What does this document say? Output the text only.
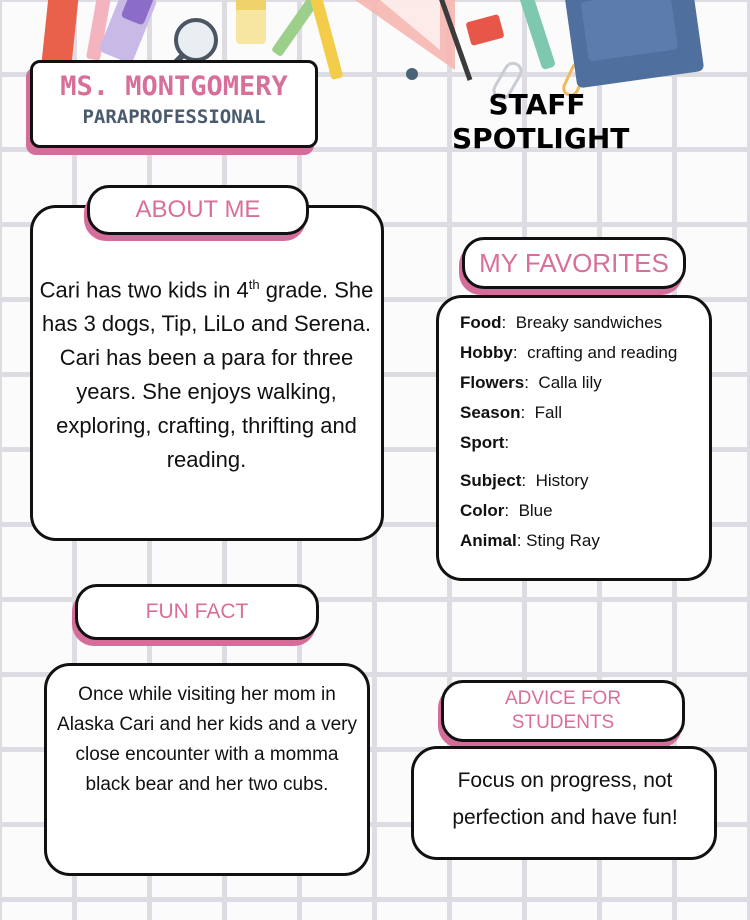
MS. MONTGOMERY
PARAPROFESSIONAL	STAFF
SPOTLIGHT
ABOUT ME
Cari has two kids in 4th grade. She has 3 dogs, Tip, LiLo and Serena. Cari has been a para for three years. She enjoys walking, exploring, crafting, thrifting and reading.
MY FAVORITES
Food:  Breaky sandwiches
Hobby:  crafting and reading
Flowers:  Calla lily
Season:  Fall
Sport:
Subject:  History
Color:  Blue
Animal: Sting Ray
FUN FACT
Once while visiting her mom in Alaska Cari and her kids and a very close encounter with a momma black bear and her two cubs.
ADVICE FOR
STUDENTS
Focus on progress, not perfection and have fun!
